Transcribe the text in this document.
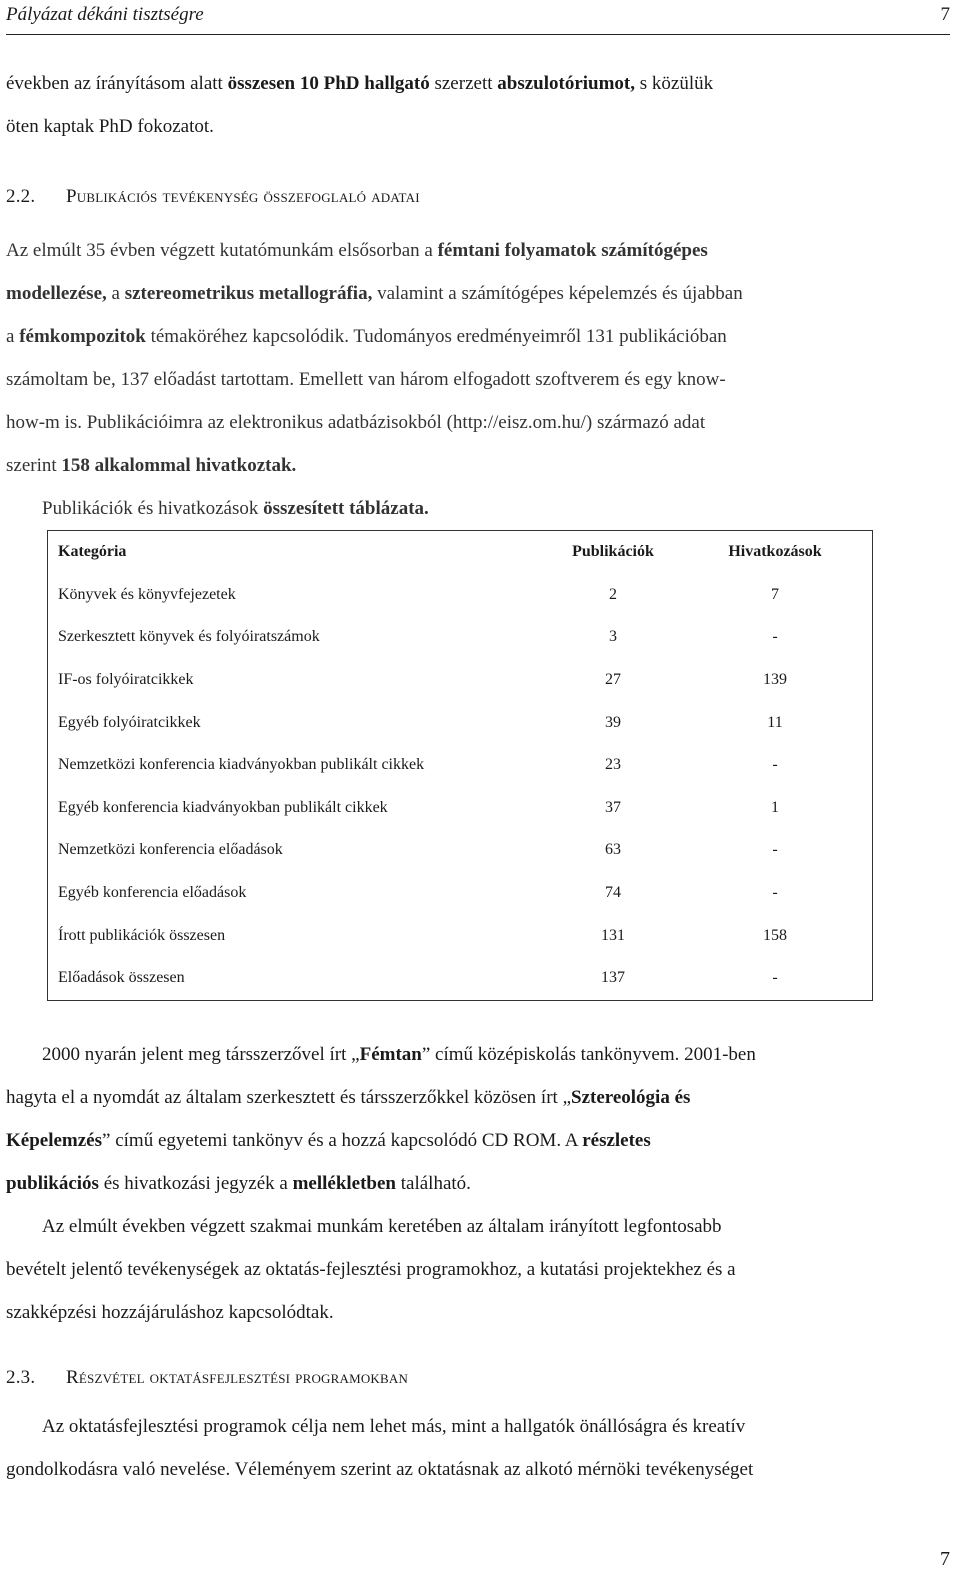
Pályázat dékáni tisztségre	7
években az írányításom alatt összesen 10 PhD hallgató szerzett abszulotóriumot, s közülük
öten kaptak PhD fokozatot.
2.2. Publikációs tevékenység összefoglaló adatai
Az elmúlt 35 évben végzett kutatómunkám elsősorban a fémtani folyamatok számítógépes
modellezése, a sztereometrikus metallográfia, valamint a számítógépes képelemzés és újabban
a fémkompozitok témaköréhez kapcsolódik. Tudományos eredményeimről 131 publikációban
számoltam be, 137 előadást tartottam. Emellett van három elfogadott szoftverem és egy know-
how-m is. Publikációimra az elektronikus adatbázisokból (http://eisz.om.hu/) származó adat
szerint 158 alkalommal hivatkoztak.
Publikációk és hivatkozások összesített táblázata.
Kategória	Publikációk	Hivatkozások
Könyvek és könyvfejezetek	2	7
Szerkesztett könyvek és folyóiratszámok	3	-
IF-os folyóiratcikkek	27	139
Egyéb folyóiratcikkek	39	11
Nemzetközi konferencia kiadványokban publikált cikkek	23	-
Egyéb konferencia kiadványokban publikált cikkek	37	1
Nemzetközi konferencia előadások	63	-
Egyéb konferencia előadások	74	-
Írott publikációk összesen	131	158
Előadások összesen	137	-
2000 nyarán jelent meg társszerzővel írt „Fémtan” című középiskolás tankönyvem. 2001-ben
hagyta el a nyomdát az általam szerkesztett és társszerzőkkel közösen írt „Sztereológia és
Képelemzés” című egyetemi tankönyv és a hozzá kapcsolódó CD ROM. A részletes
publikációs és hivatkozási jegyzék a mellékletben található.
Az elmúlt években végzett szakmai munkám keretében az általam irányított legfontosabb
bevételt jelentő tevékenységek az oktatás-fejlesztési programokhoz, a kutatási projektekhez és a
szakképzési hozzájáruláshoz kapcsolódtak.
2.3. Részvétel oktatásfejlesztési programokban
Az oktatásfejlesztési programok célja nem lehet más, mint a hallgatók önállóságra és kreatív
gondolkodásra való nevelése. Véleményem szerint az oktatásnak az alkotó mérnöki tevékenységet
7
